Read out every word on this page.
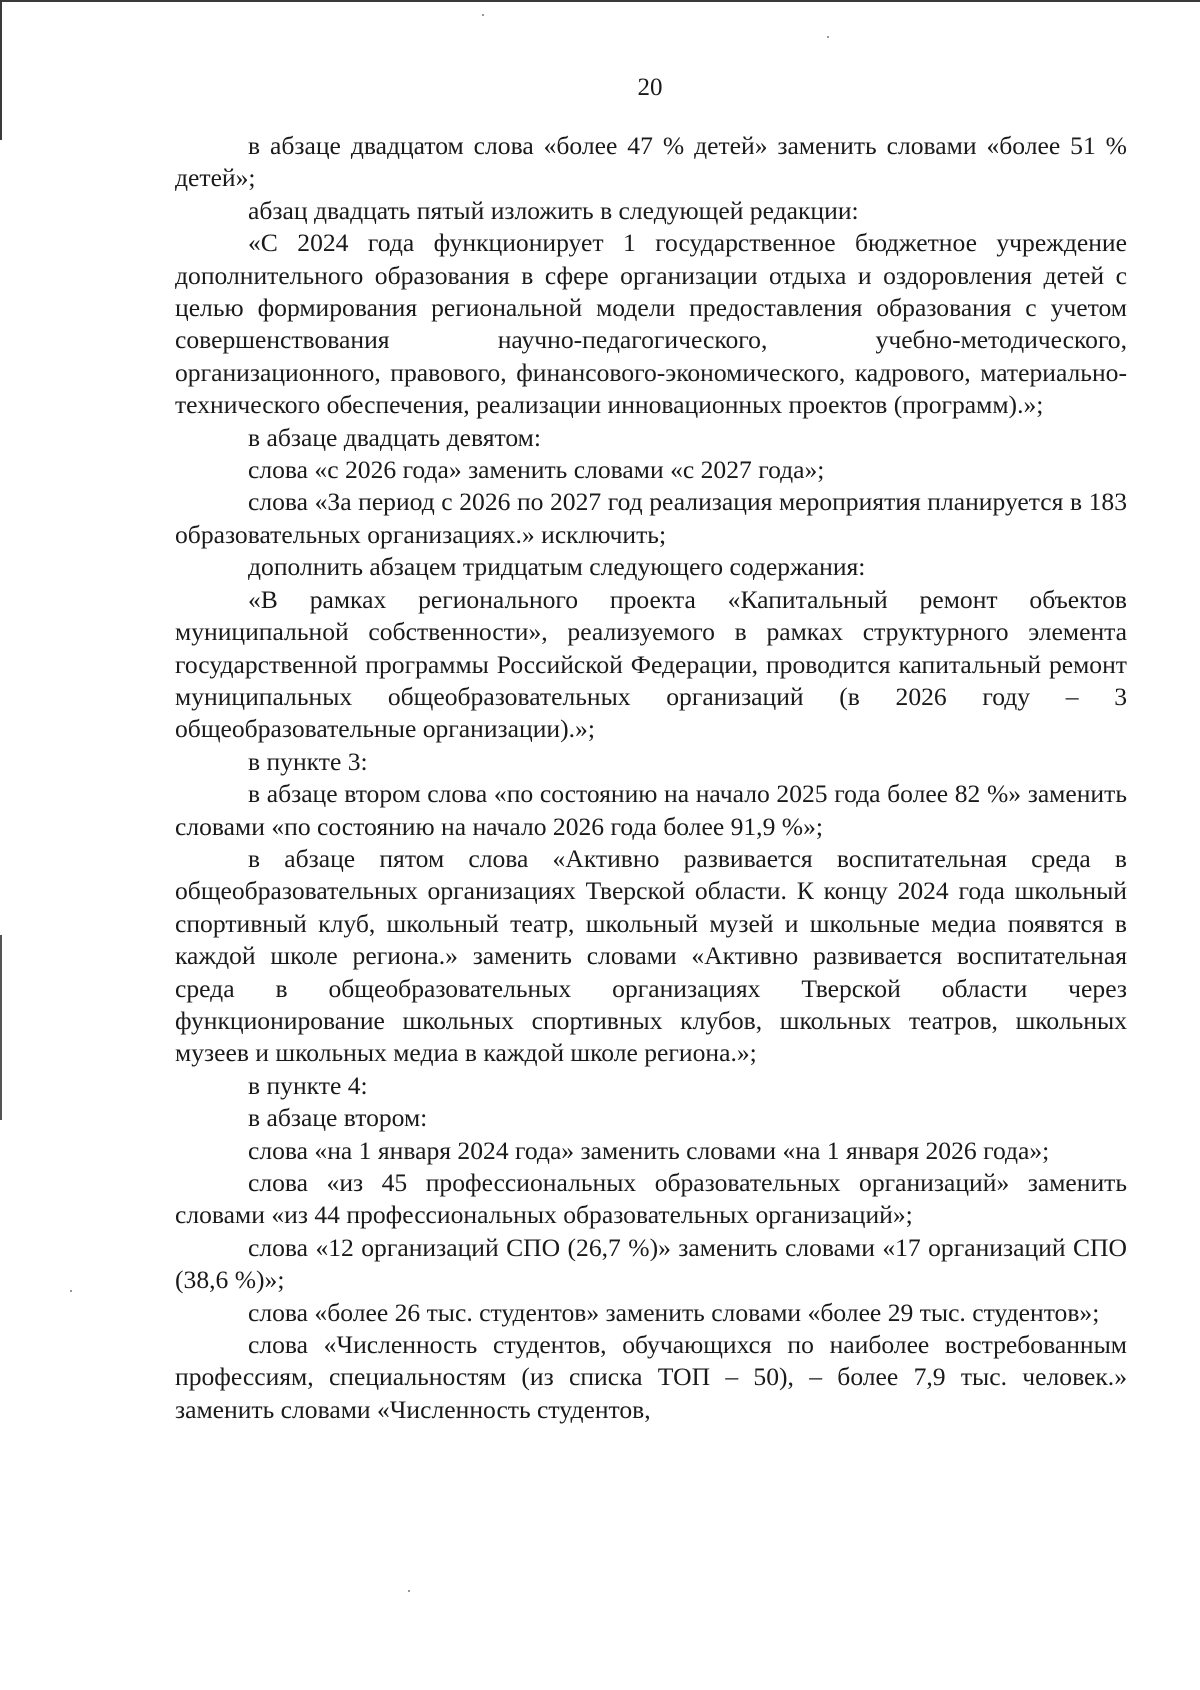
20

в абзаце двадцатом слова «более 47 % детей» заменить словами «более 51 % детей»;

абзац двадцать пятый изложить в следующей редакции:

«С 2024 года функционирует 1 государственное бюджетное учреждение дополнительного образования в сфере организации отдыха и оздоровления детей с целью формирования региональной модели предоставления образования с учетом совершенствования научно-педагогического, учебно-методического, организационного, правового, финансового-экономического, кадрового, материально-технического обеспечения, реализации инновационных проектов (программ).»;

в абзаце двадцать девятом:

слова «с 2026 года» заменить словами «с 2027 года»;

слова «За период с 2026 по 2027 год реализация мероприятия планируется в 183 образовательных организациях.» исключить;

дополнить абзацем тридцатым следующего содержания:

«В рамках регионального проекта «Капитальный ремонт объектов муниципальной собственности», реализуемого в рамках структурного элемента государственной программы Российской Федерации, проводится капитальный ремонт муниципальных общеобразовательных организаций (в 2026 году – 3 общеобразовательные организации).»;

в пункте 3:

в абзаце втором слова «по состоянию на начало 2025 года более 82 %» заменить словами «по состоянию на начало 2026 года более 91,9 %»;

в абзаце пятом слова «Активно развивается воспитательная среда в общеобразовательных организациях Тверской области. К концу 2024 года школьный спортивный клуб, школьный театр, школьный музей и школьные медиа появятся в каждой школе региона.» заменить словами «Активно развивается воспитательная среда в общеобразовательных организациях Тверской области через функционирование школьных спортивных клубов, школьных театров, школьных музеев и школьных медиа в каждой школе региона.»;

в пункте 4:

в абзаце втором:

слова «на 1 января 2024 года» заменить словами «на 1 января 2026 года»;

слова «из 45 профессиональных образовательных организаций» заменить словами «из 44 профессиональных образовательных организаций»;

слова «12 организаций СПО (26,7 %)» заменить словами «17 организаций СПО (38,6 %)»;

слова «более 26 тыс. студентов» заменить словами «более 29 тыс. студентов»;

слова «Численность студентов, обучающихся по наиболее востребованным профессиям, специальностям (из списка ТОП – 50), – более 7,9 тыс. человек.» заменить словами «Численность студентов,
